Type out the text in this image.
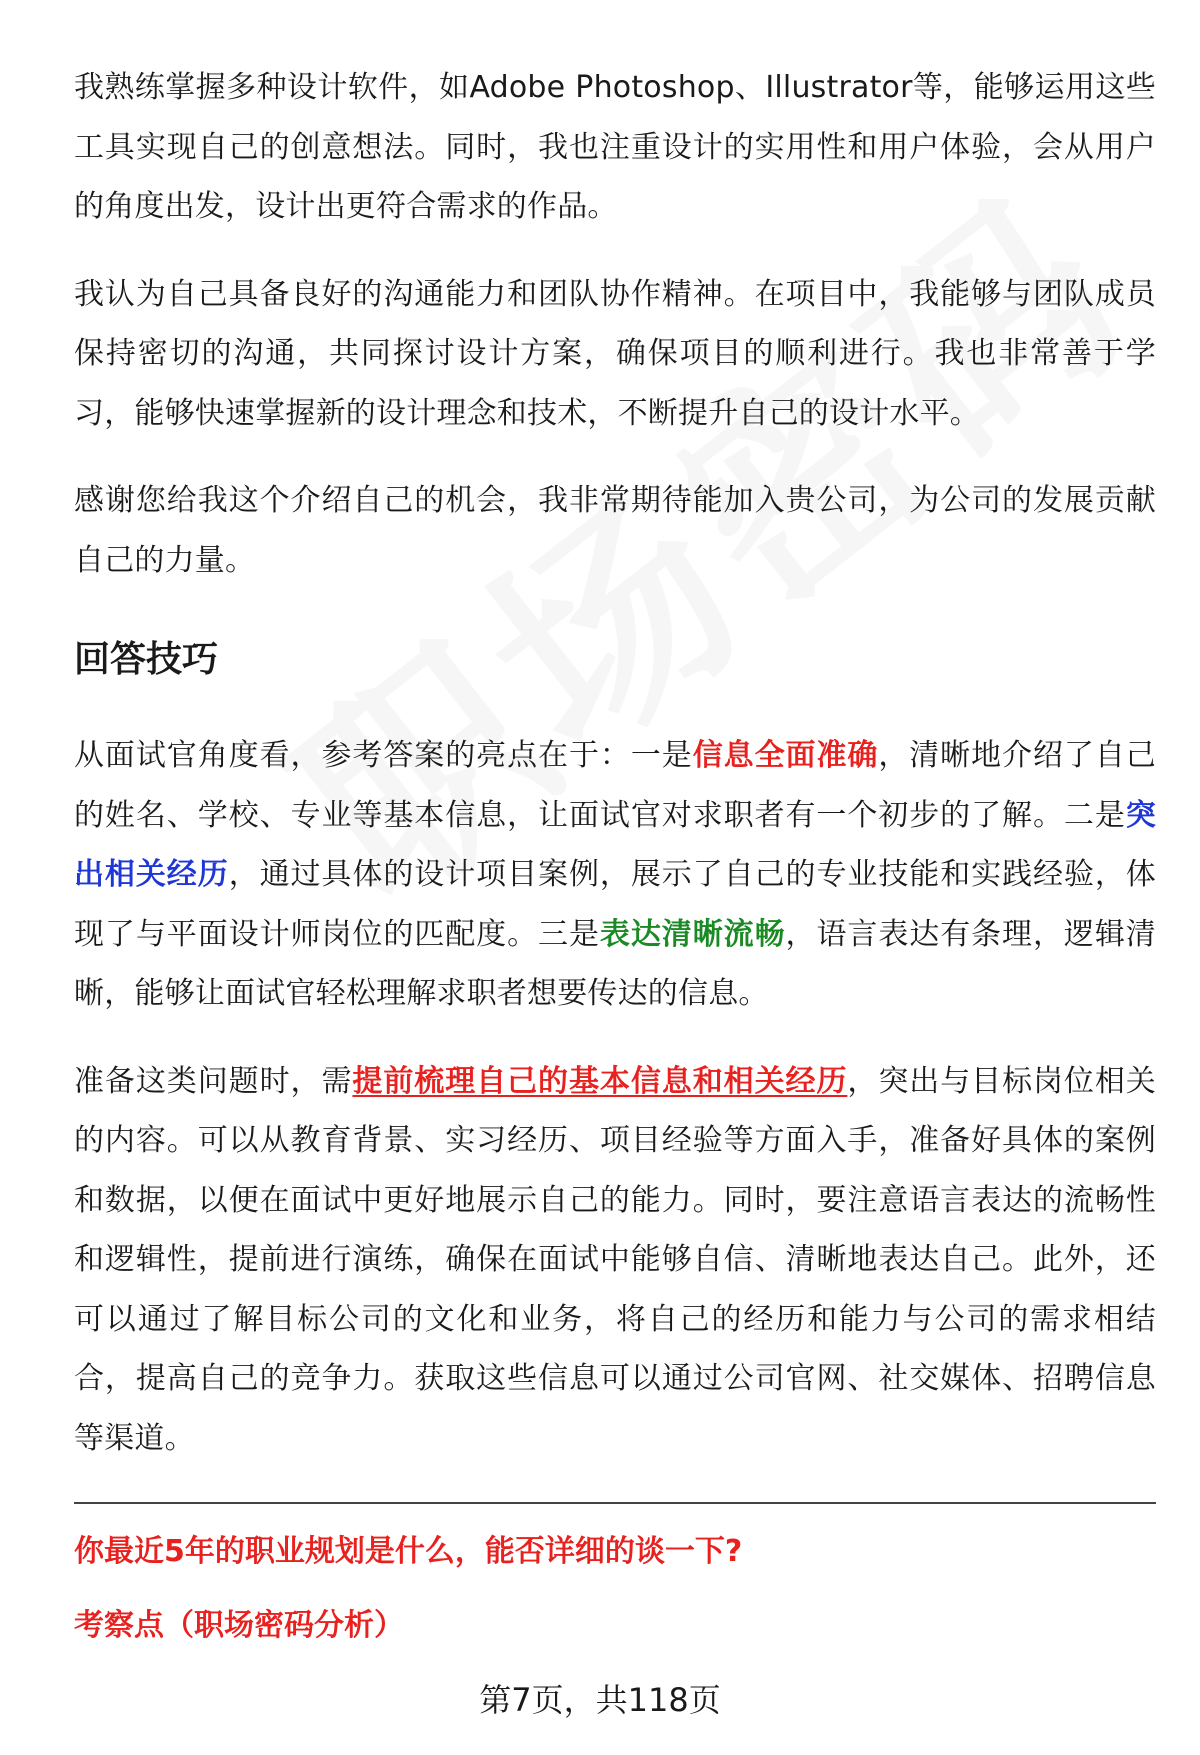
我熟练掌握多种设计软件，如Adobe Photoshop、Illustrator等，能够运用这些工具实现自己的创意想法。同时，我也注重设计的实用性和用户体验，会从用户的角度出发，设计出更符合需求的作品。

我认为自己具备良好的沟通能力和团队协作精神。在项目中，我能够与团队成员保持密切的沟通，共同探讨设计方案，确保项目的顺利进行。我也非常善于学习，能够快速掌握新的设计理念和技术，不断提升自己的设计水平。

感谢您给我这个介绍自己的机会，我非常期待能加入贵公司，为公司的发展贡献自己的力量。

回答技巧

从面试官角度看，参考答案的亮点在于：一是信息全面准确，清晰地介绍了自己的姓名、学校、专业等基本信息，让面试官对求职者有一个初步的了解。二是突出相关经历，通过具体的设计项目案例，展示了自己的专业技能和实践经验，体现了与平面设计师岗位的匹配度。三是表达清晰流畅，语言表达有条理，逻辑清晰，能够让面试官轻松理解求职者想要传达的信息。

准备这类问题时，需提前梳理自己的基本信息和相关经历，突出与目标岗位相关的内容。可以从教育背景、实习经历、项目经验等方面入手，准备好具体的案例和数据，以便在面试中更好地展示自己的能力。同时，要注意语言表达的流畅性和逻辑性，提前进行演练，确保在面试中能够自信、清晰地表达自己。此外，还可以通过了解目标公司的文化和业务，将自己的经历和能力与公司的需求相结合，提高自己的竞争力。获取这些信息可以通过公司官网、社交媒体、招聘信息等渠道。

你最近5年的职业规划是什么，能否详细的谈一下?
考察点（职场密码分析）
第7页，共118页
